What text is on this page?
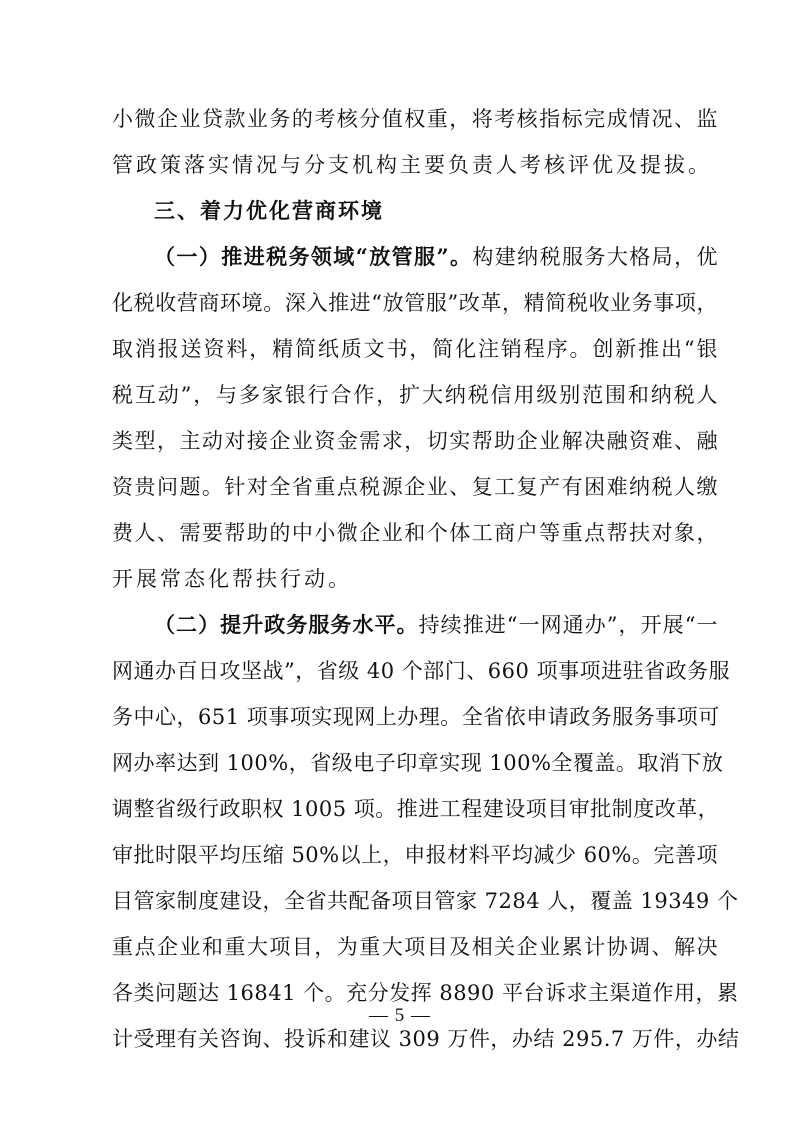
小微企业贷款业务的考核分值权重，将考核指标完成情况、监
管政策落实情况与分支机构主要负责人考核评优及提拔。
三、着力优化营商环境
（一）推进税务领域“放管服”。构建纳税服务大格局，优
化税收营商环境。深入推进“放管服”改革，精简税收业务事项，
取消报送资料，精简纸质文书，简化注销程序。创新推出“银
税互动”，与多家银行合作，扩大纳税信用级别范围和纳税人
类型，主动对接企业资金需求，切实帮助企业解决融资难、融
资贵问题。针对全省重点税源企业、复工复产有困难纳税人缴
费人、需要帮助的中小微企业和个体工商户等重点帮扶对象，
开展常态化帮扶行动。
（二）提升政务服务水平。持续推进“一网通办”，开展“一
网通办百日攻坚战”，省级 40 个部门、660 项事项进驻省政务服
务中心，651 项事项实现网上办理。全省依申请政务服务事项可
网办率达到 100%，省级电子印章实现 100%全覆盖。取消下放
调整省级行政职权 1005 项。推进工程建设项目审批制度改革，
审批时限平均压缩 50%以上，申报材料平均减少 60%。完善项
目管家制度建设，全省共配备项目管家 7284 人，覆盖 19349 个
重点企业和重大项目，为重大项目及相关企业累计协调、解决
各类问题达 16841 个。充分发挥 8890 平台诉求主渠道作用，累
计受理有关咨询、投诉和建议 309 万件，办结 295.7 万件，办结
— 5 —
